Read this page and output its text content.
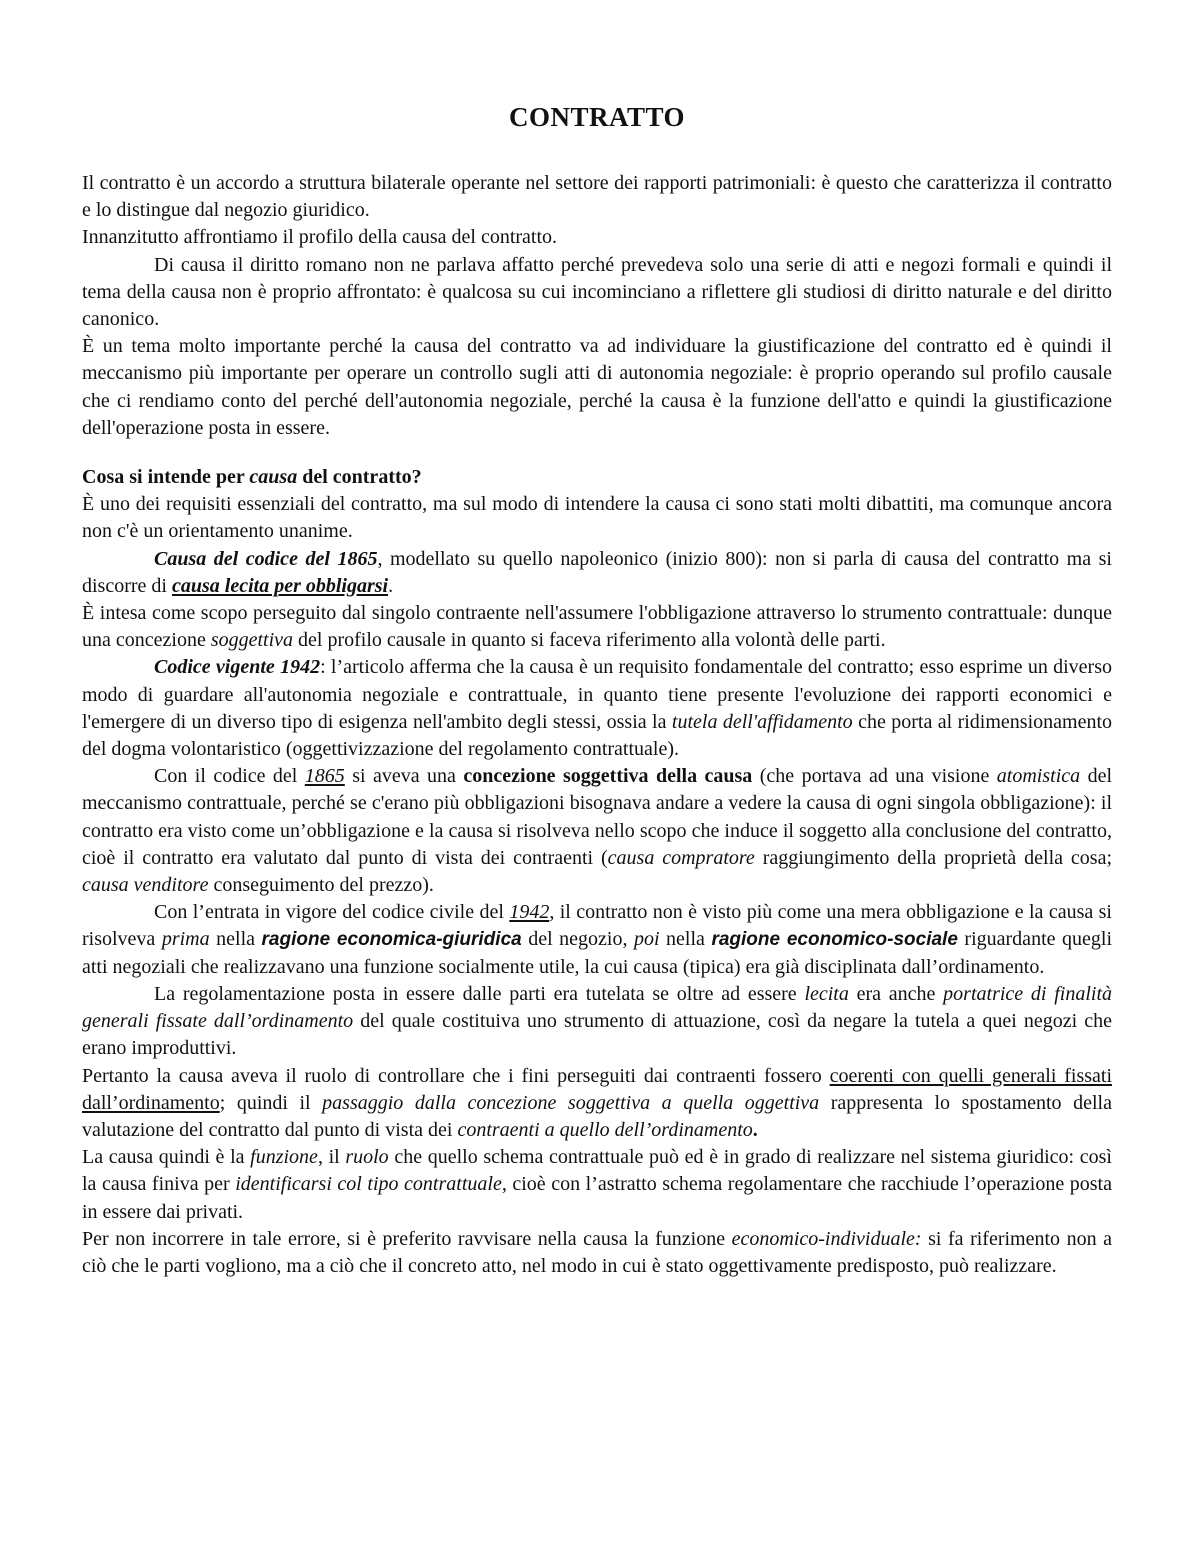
CONTRATTO

Il contratto è un accordo a struttura bilaterale operante nel settore dei rapporti patrimoniali: è questo che caratterizza il contratto e lo distingue dal negozio giuridico.

Innanzitutto affrontiamo il profilo della causa del contratto.

Di causa il diritto romano non ne parlava affatto perché prevedeva solo una serie di atti e negozi formali e quindi il tema della causa non è proprio affrontato: è qualcosa su cui incominciano a riflettere gli studiosi di diritto naturale e del diritto canonico.

È un tema molto importante perché la causa del contratto va ad individuare la giustificazione del contratto ed è quindi il meccanismo più importante per operare un controllo sugli atti di autonomia negoziale: è proprio operando sul profilo causale che ci rendiamo conto del perché dell'autonomia negoziale, perché la causa è la funzione dell'atto e quindi la giustificazione dell'operazione posta in essere.

Cosa si intende per causa del contratto?

È uno dei requisiti essenziali del contratto, ma sul modo di intendere la causa ci sono stati molti dibattiti, ma comunque ancora non c'è un orientamento unanime.

Causa del codice del 1865, modellato su quello napoleonico (inizio 800): non si parla di causa del contratto ma si discorre di causa lecita per obbligarsi.

È intesa come scopo perseguito dal singolo contraente nell'assumere l'obbligazione attraverso lo strumento contrattuale: dunque una concezione soggettiva del profilo causale in quanto si faceva riferimento alla volontà delle parti.

Codice vigente 1942: l’articolo afferma che la causa è un requisito fondamentale del contratto; esso esprime un diverso modo di guardare all'autonomia negoziale e contrattuale, in quanto tiene presente l'evoluzione dei rapporti economici e l'emergere di un diverso tipo di esigenza nell'ambito degli stessi, ossia la tutela dell'affidamento che porta al ridimensionamento del dogma volontaristico (oggettivizzazione del regolamento contrattuale).

Con il codice del 1865 si aveva una concezione soggettiva della causa (che portava ad una visione atomistica del meccanismo contrattuale, perché se c'erano più obbligazioni bisognava andare a vedere la causa di ogni singola obbligazione): il contratto era visto come un’obbligazione e la causa si risolveva nello scopo che induce il soggetto alla conclusione del contratto, cioè il contratto era valutato dal punto di vista dei contraenti (causa compratore raggiungimento della proprietà della cosa; causa venditore conseguimento del prezzo).

Con l’entrata in vigore del codice civile del 1942, il contratto non è visto più come una mera obbligazione e la causa si risolveva prima nella ragione economica-giuridica del negozio, poi nella ragione economico-sociale riguardante quegli atti negoziali che realizzavano una funzione socialmente utile, la cui causa (tipica) era già disciplinata dall’ordinamento.

La regolamentazione posta in essere dalle parti era tutelata se oltre ad essere lecita era anche portatrice di finalità generali fissate dall’ordinamento del quale costituiva uno strumento di attuazione, così da negare la tutela a quei negozi che erano improduttivi.

Pertanto la causa aveva il ruolo di controllare che i fini perseguiti dai contraenti fossero coerenti con quelli generali fissati dall’ordinamento; quindi il passaggio dalla concezione soggettiva a quella oggettiva rappresenta lo spostamento della valutazione del contratto dal punto di vista dei contraenti a quello dell’ordinamento.

La causa quindi è la funzione, il ruolo che quello schema contrattuale può ed è in grado di realizzare nel sistema giuridico: così la causa finiva per identificarsi col tipo contrattuale, cioè con l’astratto schema regolamentare che racchiude l’operazione posta in essere dai privati.

Per non incorrere in tale errore, si è preferito ravvisare nella causa la funzione economico-individuale: si fa riferimento non a ciò che le parti vogliono, ma a ciò che il concreto atto, nel modo in cui è stato oggettivamente predisposto, può realizzare.
